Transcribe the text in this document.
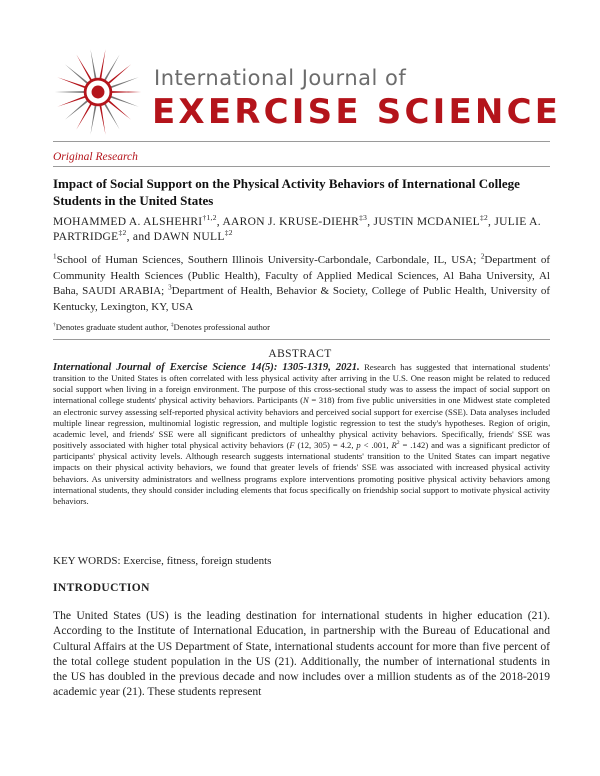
International Journal of
EXERCISE SCIENCE
Original Research
Impact of Social Support on the Physical Activity Behaviors of International College Students in the United States
MOHAMMED A. ALSHEHRI$^{\dagger 1,2}$, AARON J. KRUSE-DIEHR$^{\ddagger 3}$, JUSTIN MCDANIEL$^{\ddagger 2}$, JULIE A. PARTRIDGE$^{\ddagger 2}$, and DAWN NULL$^{\ddagger 2}$
$^1$School of Human Sciences, Southern Illinois University-Carbondale, Carbondale, IL, USA; $^2$Department of Community Health Sciences (Public Health), Faculty of Applied Medical Sciences, Al Baha University, Al Baha, SAUDI ARABIA; $^3$Department of Health, Behavior & Society, College of Public Health, University of Kentucky, Lexington, KY, USA
†Denotes graduate student author, ‡Denotes professional author
ABSTRACT
International Journal of Exercise Science 14(5): 1305-1319, 2021. Research has suggested that international students' transition to the United States is often correlated with less physical activity after arriving in the U.S. One reason might be related to reduced social support when living in a foreign environment. The purpose of this cross-sectional study was to assess the impact of social support on international college students' physical activity behaviors. Participants (N = 318) from five public universities in one Midwest state completed an electronic survey assessing self-reported physical activity behaviors and perceived social support for exercise (SSE). Data analyses included multiple linear regression, multinomial logistic regression, and multiple logistic regression to test the study's hypotheses. Region of origin, academic level, and friends' SSE were all significant predictors of unhealthy physical activity behaviors. Specifically, friends' SSE was positively associated with higher total physical activity behaviors (F (12, 305) = 4.2, p < .001, $R^2 = .142$) and was a significant predictor of participants' physical activity levels. Although research suggests international students' transition to the United States can impart negative impacts on their physical activity behaviors, we found that greater levels of friends' SSE was associated with increased physical activity behaviors. As university administrators and wellness programs explore interventions promoting positive physical activity behaviors among international students, they should consider including elements that focus specifically on friendship social support to motivate physical activity behaviors.
KEY WORDS: Exercise, fitness, foreign students
INTRODUCTION
The United States (US) is the leading destination for international students in higher education (21). According to the Institute of International Education, in partnership with the Bureau of Educational and Cultural Affairs at the US Department of State, international students account for more than five percent of the total college student population in the US (21). Additionally, the number of international students in the US has doubled in the previous decade and now includes over a million students as of the 2018-2019 academic year (21). These students represent
